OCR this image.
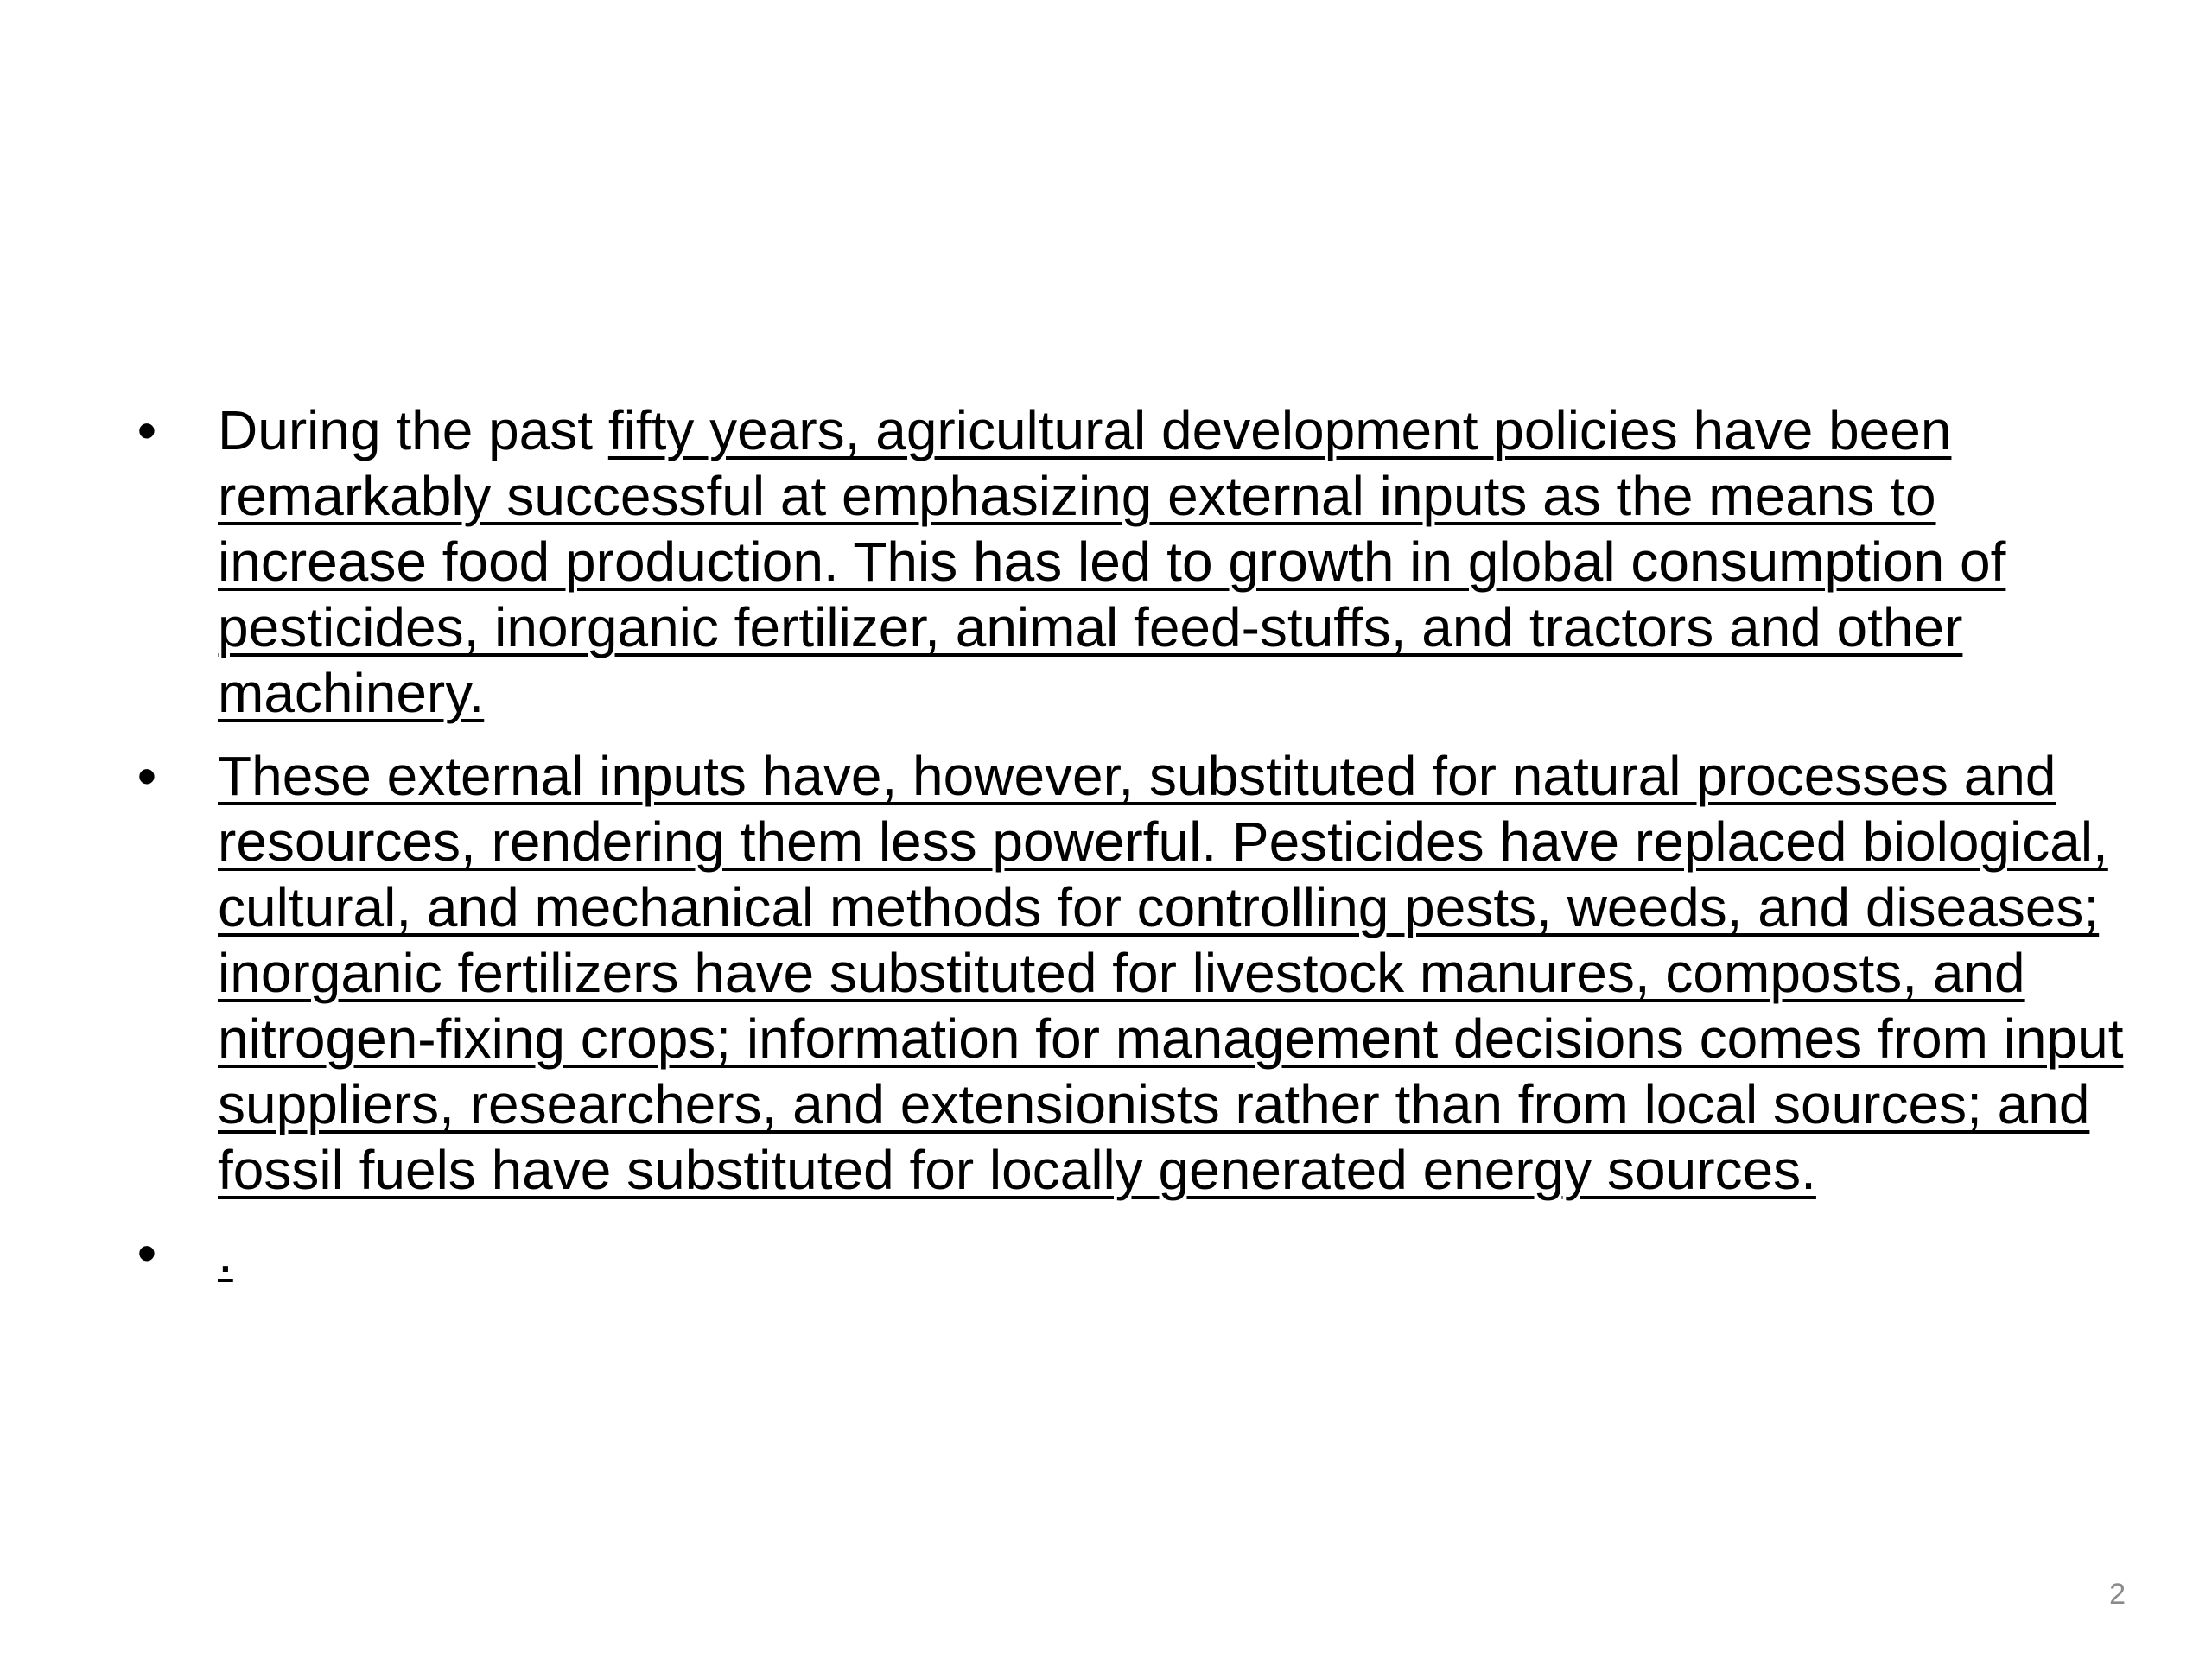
• During the past fifty years, agricultural development policies have been remarkably successful at emphasizing external inputs as the means to increase food production. This has led to growth in global consumption of pesticides, inorganic fertilizer, animal feed-stuffs, and tractors and other machinery.
• These external inputs have, however, substituted for natural processes and resources, rendering them less powerful. Pesticides have replaced biological, cultural, and mechanical methods for controlling pests, weeds, and diseases; inorganic fertilizers have substituted for livestock manures, composts, and nitrogen-fixing crops; information for management decisions comes from input suppliers, researchers, and extensionists rather than from local sources; and fossil fuels have substituted for locally generated energy sources.
• .
2
